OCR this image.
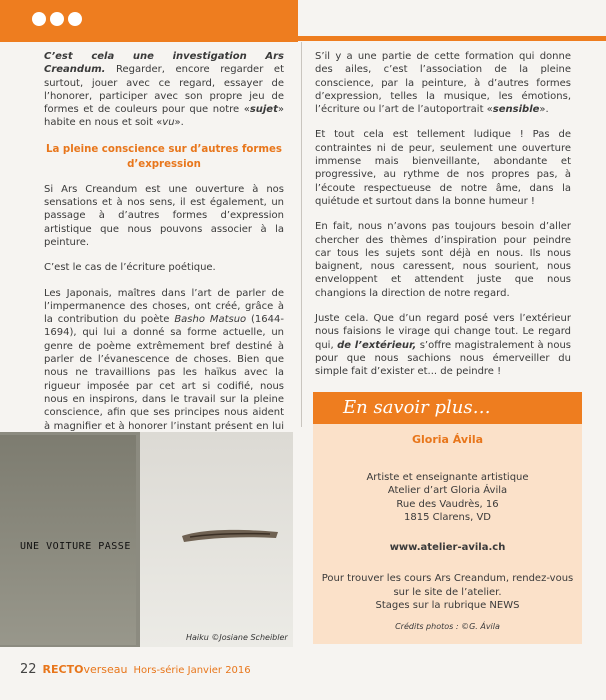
C’est cela une investigation Ars Creandum. Regarder, encore regarder et surtout, jouer avec ce regard, essayer de l’honorer, participer avec son propre jeu de formes et de couleurs pour que notre «sujet» habite en nous et soit «vu».

La pleine conscience sur d’autres formes d’expression

Si Ars Creandum est une ouverture à nos sensations et à nos sens, il est également, un passage à d’autres formes d’expression artistique que nous pouvons associer à la peinture.

C’est le cas de l’écriture poétique.

Les Japonais, maîtres dans l’art de parler de l’impermanence des choses, ont créé, grâce à la contribution du poète Basho Matsuo (1644-1694), qui lui a donné sa forme actuelle, un genre de poème extrêmement bref destiné à parler de l’évanescence de choses. Bien que nous ne travaillions pas les haïkus avec la rigueur imposée par cet art si codifié, nous nous en inspirons, dans le travail sur la pleine conscience, afin que ses principes nous aident à magnifier et à honorer l’instant présent en lui

S’il y a une partie de cette formation qui donne des ailes, c’est l’association de la pleine conscience, par la peinture, à d’autres formes d’expression, telles la musique, les émotions, l’écriture ou l’art de l’autoportrait «sensible».

Et tout cela est tellement ludique ! Pas de contraintes ni de peur, seulement une ouverture immense mais bienveillante, abondante et progressive, au rythme de nos propres pas, à l’écoute respectueuse de notre âme, dans la quiétude et surtout dans la bonne humeur !

En fait, nous n’avons pas toujours besoin d’aller chercher des thèmes d’inspiration pour peindre car tous les sujets sont déjà en nous. Ils nous baignent, nous caressent, nous sourient, nous enveloppent et attendent juste que nous changions la direction de notre regard.

Juste cela. Que d’un regard posé vers l’extérieur nous faisions le virage qui change tout. Le regard qui, de l’extérieur, s’offre magistralement à nous pour que nous sachions nous émerveiller du simple fait d’exister et... de peindre !

UNE VOITURE PASSE
Haiku ©Josiane Scheibler
En savoir plus…
Gloria Ávila
Artiste et enseignante artistique
Atelier d’art Gloria Ávila
Rue des Vaudrès, 16
1815 Clarens, VD
www.atelier-avila.ch
Pour trouver les cours Ars Creandum, rendez-vous
sur le site de l’atelier.
Stages sur la rubrique NEWS
Crédits photos : ©G. Ávila
22 RECTOverseau Hors-série Janvier 2016
